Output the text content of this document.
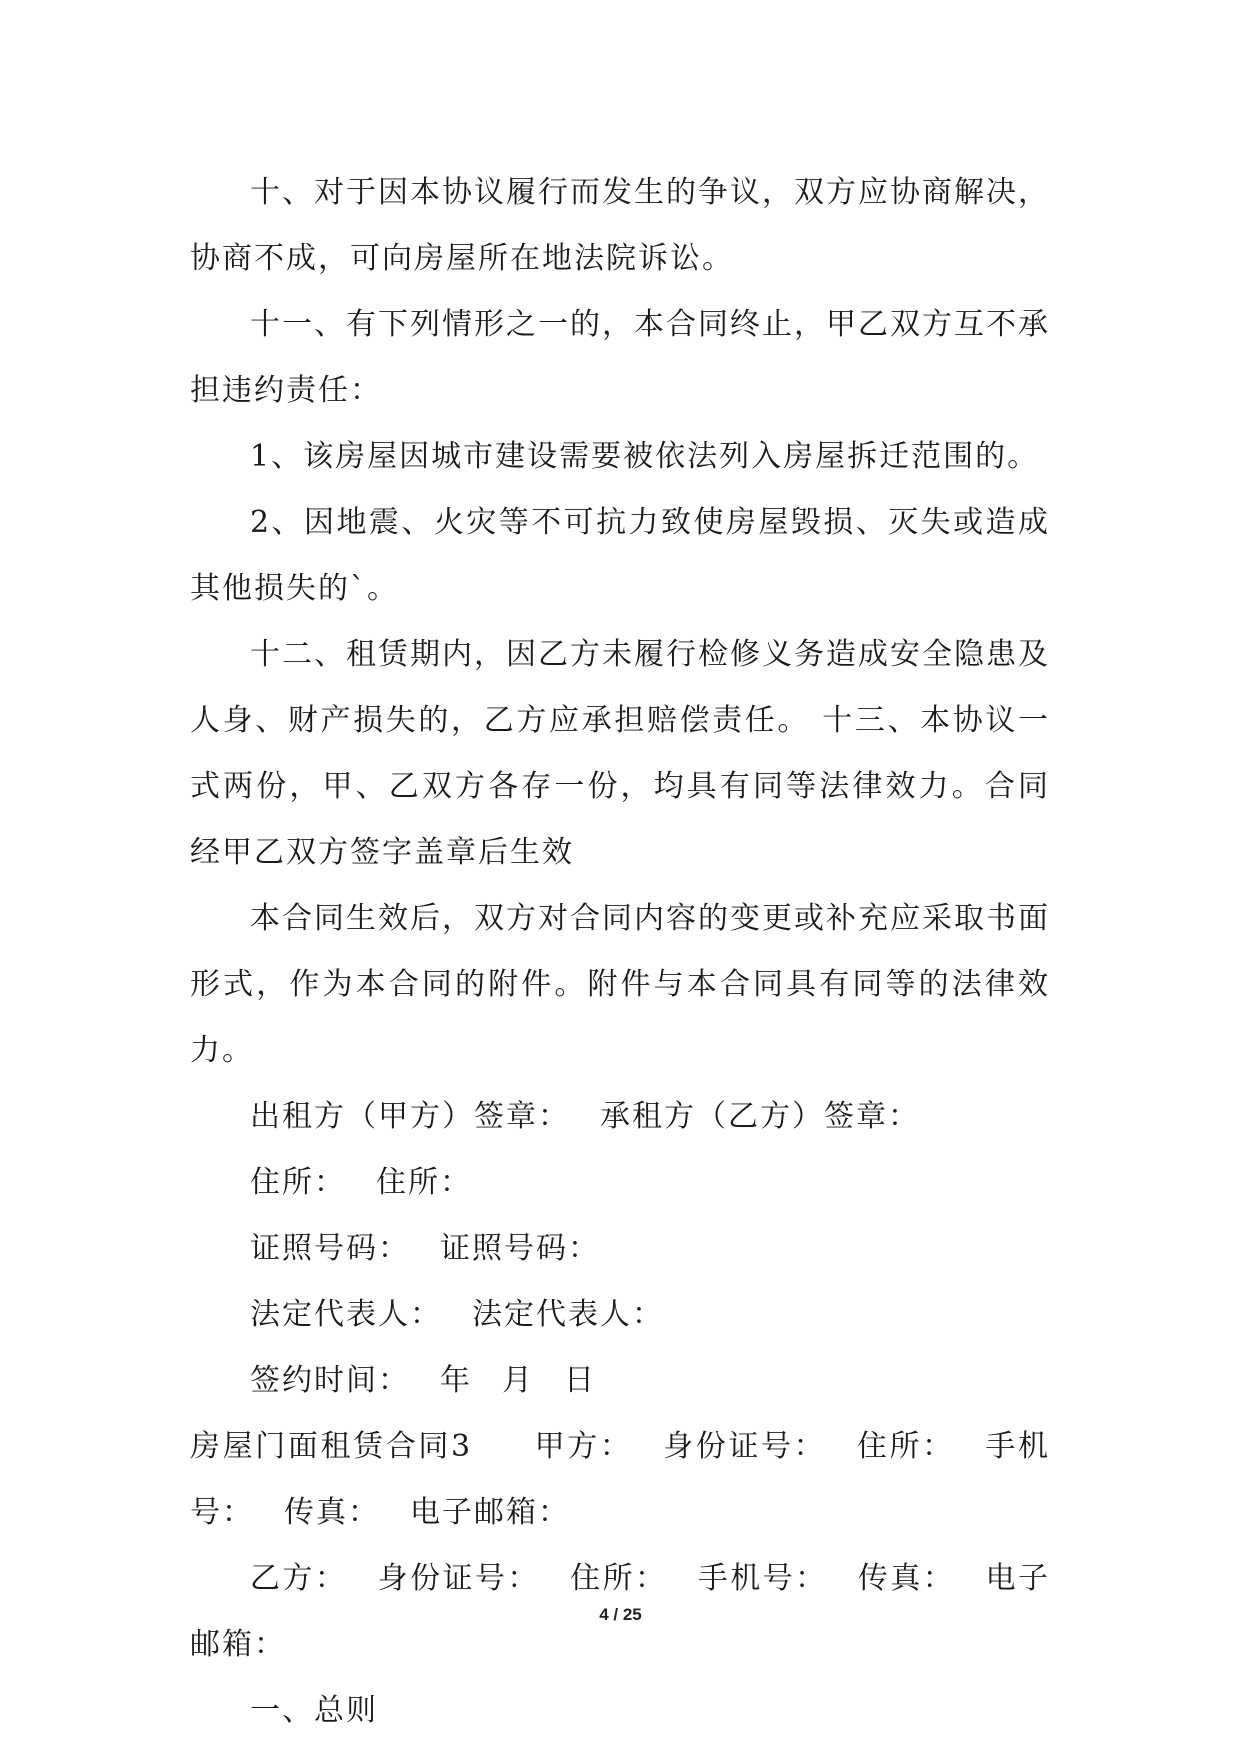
十、对于因本协议履行而发生的争议，双方应协商解决，协商不成，可向房屋所在地法院诉讼。

十一、有下列情形之一的，本合同终止，甲乙双方互不承担违约责任：

1、该房屋因城市建设需要被依法列入房屋拆迁范围的。

2、因地震、火灾等不可抗力致使房屋毁损、灭失或造成其他损失的`。

十二、租赁期内，因乙方未履行检修义务造成安全隐患及人身、财产损失的，乙方应承担赔偿责任。 十三、本协议一式两份，甲、乙双方各存一份，均具有同等法律效力。合同经甲乙双方签字盖章后生效

本合同生效后，双方对合同内容的变更或补充应采取书面形式，作为本合同的附件。附件与本合同具有同等的法律效力。

出租方（甲方）签章： 承租方（乙方）签章：

住所： 住所：

证照号码： 证照号码：

法定代表人： 法定代表人：

签约时间： 年 月 日

房屋门面租赁合同3 甲方： 身份证号： 住所： 手机号： 传真： 电子邮箱：

乙方： 身份证号： 住所： 手机号： 传真： 电子邮箱：

一、总则

4 / 25
